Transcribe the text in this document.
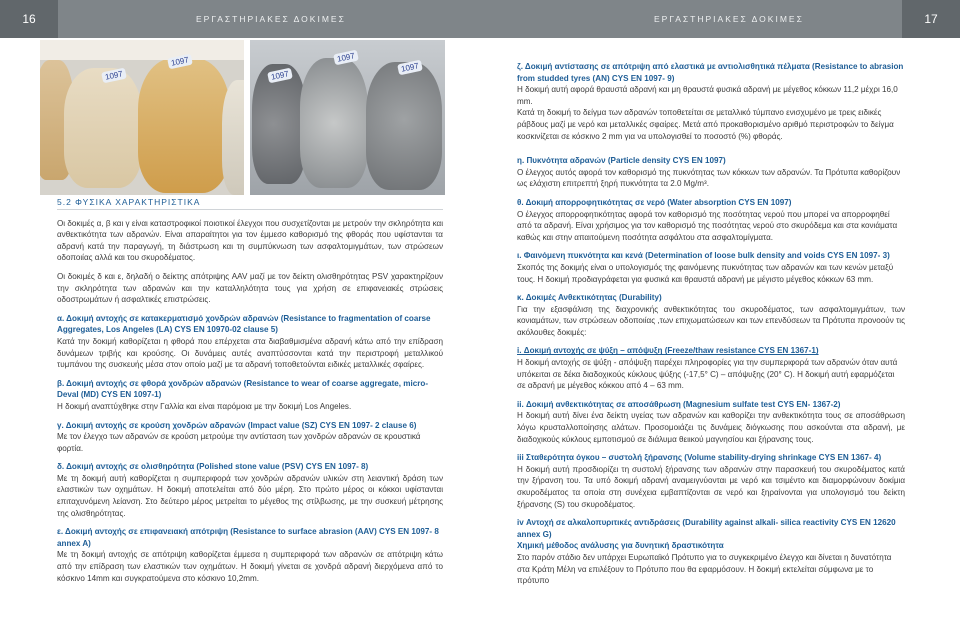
16	ΕΡΓΑΣΤΗΡΙΑΚΕΣ ΔΟΚΙΜΕΣ	ΕΡΓΑΣΤΗΡΙΑΚΕΣ ΔΟΚΙΜΕΣ	17
1097
1097
1097
1097
1097
5.2 ΦΥΣΙΚΑ ΧΑΡΑΚΤΗΡΙΣΤΙΚΑ

Οι δοκιμές α, β και γ είναι καταστροφικοί ποιοτικοί έλεγχοι που συσχετίζονται με μετρούν την σκληρότητα και ανθεκτικότητα των αδρανών. Είναι απαραίτητοι για τον έμμεσο καθορισμό της φθοράς που υφίστανται τα αδρανή κατά την παραγωγή, τη διάστρωση και τη συμπύκνωση των ασφαλτομιγμάτων, των στρώσεων οδοποιίας αλλά και του σκυροδέματος.

Οι δοκιμές δ και ε, δηλαδή ο δείκτης απότριψης AAV μαζί με τον δείκτη ολισθηρότητας PSV χαρακτηρίζουν την σκληρότητα των αδρανών και την καταλληλότητα τους για χρήση σε επιφανειακές στρώσεις οδοστρωμάτων ή ασφαλτικές επιστρώσεις.

α. Δοκιμή αντοχής σε κατακερματισμό χονδρών αδρανών (Resistance to fragmentation of coarse Aggregates, Los Angeles (LA) CYS EN 10970-02 clause 5)

Κατά την δοκιμή καθορίζεται η φθορά που επέρχεται στα διαβαθμισμένα αδρανή κάτω από την επίδραση δυνάμεων τριβής και κρούσης. Οι δυνάμεις αυτές αναπτύσσονται κατά την περιστροφή μεταλλικού τυμπάνου της συσκευής μέσα στον οποίο μαζί με τα αδρανή τοποθετούνται ειδικές μεταλλικές σφαίρες.

β. Δοκιμή αντοχής σε φθορά χονδρών αδρανών (Resistance to wear of coarse aggregate, micro- Deval (MD) CYS EN 1097-1)

Η δοκιμή αναπτύχθηκε στην Γαλλία και είναι παρόμοια με την δοκιμή Los Angeles.

γ. Δοκιμή αντοχής σε κρούση χονδρών αδρανών (Impact value (SZ) CYS EN 1097- 2 clause 6)

Με τον έλεγχο των αδρανών σε κρούση μετρούμε την αντίσταση των χονδρών αδρανών σε κρουστικά φορτία.

δ. Δοκιμή αντοχής σε ολισθηρότητα (Polished stone value (PSV) CYS EN 1097- 8)

Με τη δοκιμή αυτή καθορίζεται η συμπεριφορά των χονδρών αδρανών υλικών στη λειαντική δράση των ελαστικών των οχημάτων. Η δοκιμή αποτελείται από δύο μέρη. Στο πρώτο μέρος οι κόκκοι υφίστανται επιταχυνόμενη λείανση. Στο δεύτερο μέρος μετρείται το μέγεθος της στίλβωσης, με την συσκευή μέτρησης της ολισθηρότητας.

ε. Δοκιμή αντοχής σε επιφανειακή απότριψη (Resistance to surface abrasion (AAV) CYS EN 1097- 8 annex A)

Με τη δοκιμή αντοχής σε απότριψη καθορίζεται έμμεσα η συμπεριφορά των αδρανών σε απότριψη κάτω από την επίδραση των ελαστικών των οχημάτων. Η δοκιμή γίνεται σε χονδρά αδρανή διερχόμενα από το κόσκινο 14mm και συγκρατούμενα στο κόσκινο 10,2mm.

ζ. Δοκιμή αντίστασης σε απότριψη από ελαστικά με αντιολισθητικά πέλματα (Resistance to abrasion from studded tyres (AN) CYS EN 1097- 9)
Η δοκιμή αυτή αφορά θραυστά αδρανή και μη θραυστά φυσικά αδρανή με μέγεθος κόκκων 11,2 μέχρι 16,0 mm.

Κατά τη δοκιμή το δείγμα των αδρανών τοποθετείται σε μεταλλικό τύμπανο ενισχυμένο με τρεις ειδικές ράβδους μαζί με νερό και μεταλλικές σφαίρες. Μετά από προκαθορισμένο αριθμό περιστροφών το δείγμα κοσκινίζεται σε κόσκινο 2 mm για να υπολογισθεί το ποσοστό (%) φθοράς.

η. Πυκνότητα αδρανών (Particle density CYS EN 1097)

Ο έλεγχος αυτός αφορά τον καθορισμό της πυκνότητας των κόκκων των αδρανών. Τα Πρότυπα καθορίζουν ως ελάχιστη επιτρεπτή ξηρή πυκνότητα τα 2.0 Mg/m³.

θ. Δοκιμή απορροφητικότητας σε νερό (Water absorption CYS EN 1097)

Ο έλεγχος απορροφητικότητας αφορά τον καθορισμό της ποσότητας νερού που μπορεί να απορροφηθεί από τα αδρανή. Είναι χρήσιμος για τον καθορισμό της ποσότητας νερού στο σκυρόδεμα και στα κονιάματα καθώς και στην απαιτούμενη ποσότητα ασφάλτου στα ασφαλτομίγματα.

ι. Φαινόμενη πυκνότητα και κενά (Determination of loose bulk density and voids CYS EN 1097- 3)

Σκοπός της δοκιμής είναι ο υπολογισμός της φαινόμενης πυκνότητας των αδρανών και των κενών μεταξύ τους. Η δοκιμή προδιαγράφεται για φυσικά και θραυστά αδρανή με μέγιστο μέγεθος κόκκων 63 mm.

κ. Δοκιμές Ανθεκτικότητας (Durability)

Για την εξασφάλιση της διαχρονικής ανθεκτικότητας του σκυροδέματος, των ασφαλτομιγμάτων, των κονιαμάτων, των στρώσεων οδοποιίας ,των επιχωματώσεων και των επενδύσεων τα Πρότυπα προνοούν τις ακόλουθες δοκιμές:

i. Δοκιμή αντοχής σε ψύξη – απόψυξη (Freeze/thaw resistance CYS EN 1367-1)

Η δοκιμή αντοχής σε ψύξη - απόψυξη παρέχει πληροφορίες για την συμπεριφορά των αδρανών όταν αυτά υπόκειται σε δέκα διαδοχικούς κύκλους ψύξης (-17,5° C) – απόψυξης (20° C). Η δοκιμή αυτή εφαρμόζεται σε αδρανή με μέγεθος κόκκου από 4 – 63 mm.

ii. Δοκιμή ανθεκτικότητας σε αποσάθρωση (Magnesium sulfate test CYS EN- 1367-2)

Η δοκιμή αυτή δίνει ένα δείκτη υγείας των αδρανών και καθορίζει την ανθεκτικότητα τους σε αποσάθρωση λόγω κρυσταλλοποίησης αλάτων. Προσομοιάζει τις δυνάμεις διόγκωσης που ασκούνται στα αδρανή, με διαδοχικούς κύκλους εμποτισμού σε διάλυμα θειικού μαγνησίου και ξήρανσης τους.

iii Σταθερότητα όγκου – συστολή ξήρανσης (Volume stability-drying shrinkage CYS EN 1367- 4)

Η δοκιμή αυτή προσδιορίζει τη συστολή ξήρανσης των αδρανών στην παρασκευή του σκυροδέματος κατά την ξήρανση του. Τα υπό δοκιμή αδρανή αναμειγνύονται με νερό και τσιμέντο και διαμορφώνουν δοκίμια σκυροδέματος τα οποία στη συνέχεια εμβαπτίζονται σε νερό και ξηραίνονται για υπολογισμό του δείκτη ξήρανσης (S) του σκυροδέματος.

iv Αντοχή σε αλκαλοπυριτικές αντιδράσεις (Durability against alkali- silica reactivity CYS EN 12620 annex G)
Χημική μέθοδος ανάλυσης για δυνητική δραστικότητα
Στο παρόν στάδιο δεν υπάρχει Ευρωπαϊκό Πρότυπο για το συγκεκριμένο έλεγχο και δίνεται η δυνατότητα στα Κράτη Μέλη να επιλέξουν το Πρότυπο που θα εφαρμόσουν. Η δοκιμή εκτελείται σύμφωνα με το πρότυπο
